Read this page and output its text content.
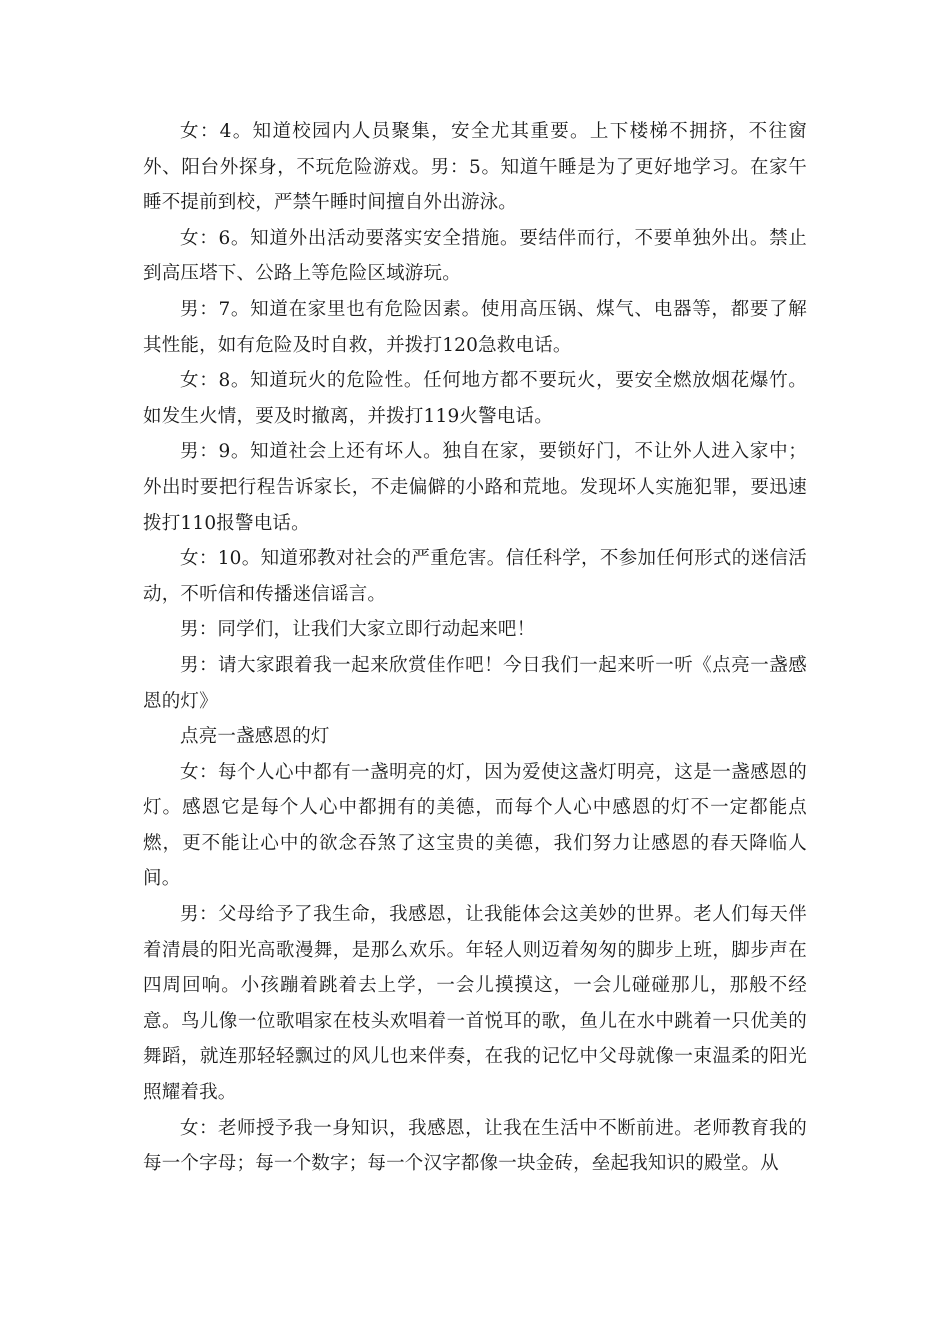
女：4。知道校园内人员聚集，安全尤其重要。上下楼梯不拥挤，不往窗外、阳台外探身，不玩危险游戏。男：5。知道午睡是为了更好地学习。在家午睡不提前到校，严禁午睡时间擅自外出游泳。

女：6。知道外出活动要落实安全措施。要结伴而行，不要单独外出。禁止到高压塔下、公路上等危险区域游玩。

男：7。知道在家里也有危险因素。使用高压锅、煤气、电器等，都要了解其性能，如有危险及时自救，并拨打120急救电话。

女：8。知道玩火的危险性。任何地方都不要玩火，要安全燃放烟花爆竹。如发生火情，要及时撤离，并拨打119火警电话。

男：9。知道社会上还有坏人。独自在家，要锁好门，不让外人进入家中；外出时要把行程告诉家长，不走偏僻的小路和荒地。发现坏人实施犯罪，要迅速拨打110报警电话。

女：10。知道邪教对社会的严重危害。信任科学，不参加任何形式的迷信活动，不听信和传播迷信谣言。

男：同学们，让我们大家立即行动起来吧！

男：请大家跟着我一起来欣赏佳作吧！今日我们一起来听一听《点亮一盏感恩的灯》

点亮一盏感恩的灯

女：每个人心中都有一盏明亮的灯，因为爱使这盏灯明亮，这是一盏感恩的灯。感恩它是每个人心中都拥有的美德，而每个人心中感恩的灯不一定都能点燃，更不能让心中的欲念吞煞了这宝贵的美德，我们努力让感恩的春天降临人间。

男：父母给予了我生命，我感恩，让我能体会这美妙的世界。老人们每天伴着清晨的阳光高歌漫舞，是那么欢乐。年轻人则迈着匆匆的脚步上班，脚步声在四周回响。小孩蹦着跳着去上学，一会儿摸摸这，一会儿碰碰那儿，那般不经意。鸟儿像一位歌唱家在枝头欢唱着一首悦耳的歌，鱼儿在水中跳着一只优美的舞蹈，就连那轻轻飘过的风儿也来伴奏，在我的记忆中父母就像一束温柔的阳光照耀着我。

女：老师授予我一身知识，我感恩，让我在生活中不断前进。老师教育我的每一个字母；每一个数字；每一个汉字都像一块金砖，垒起我知识的殿堂。从
